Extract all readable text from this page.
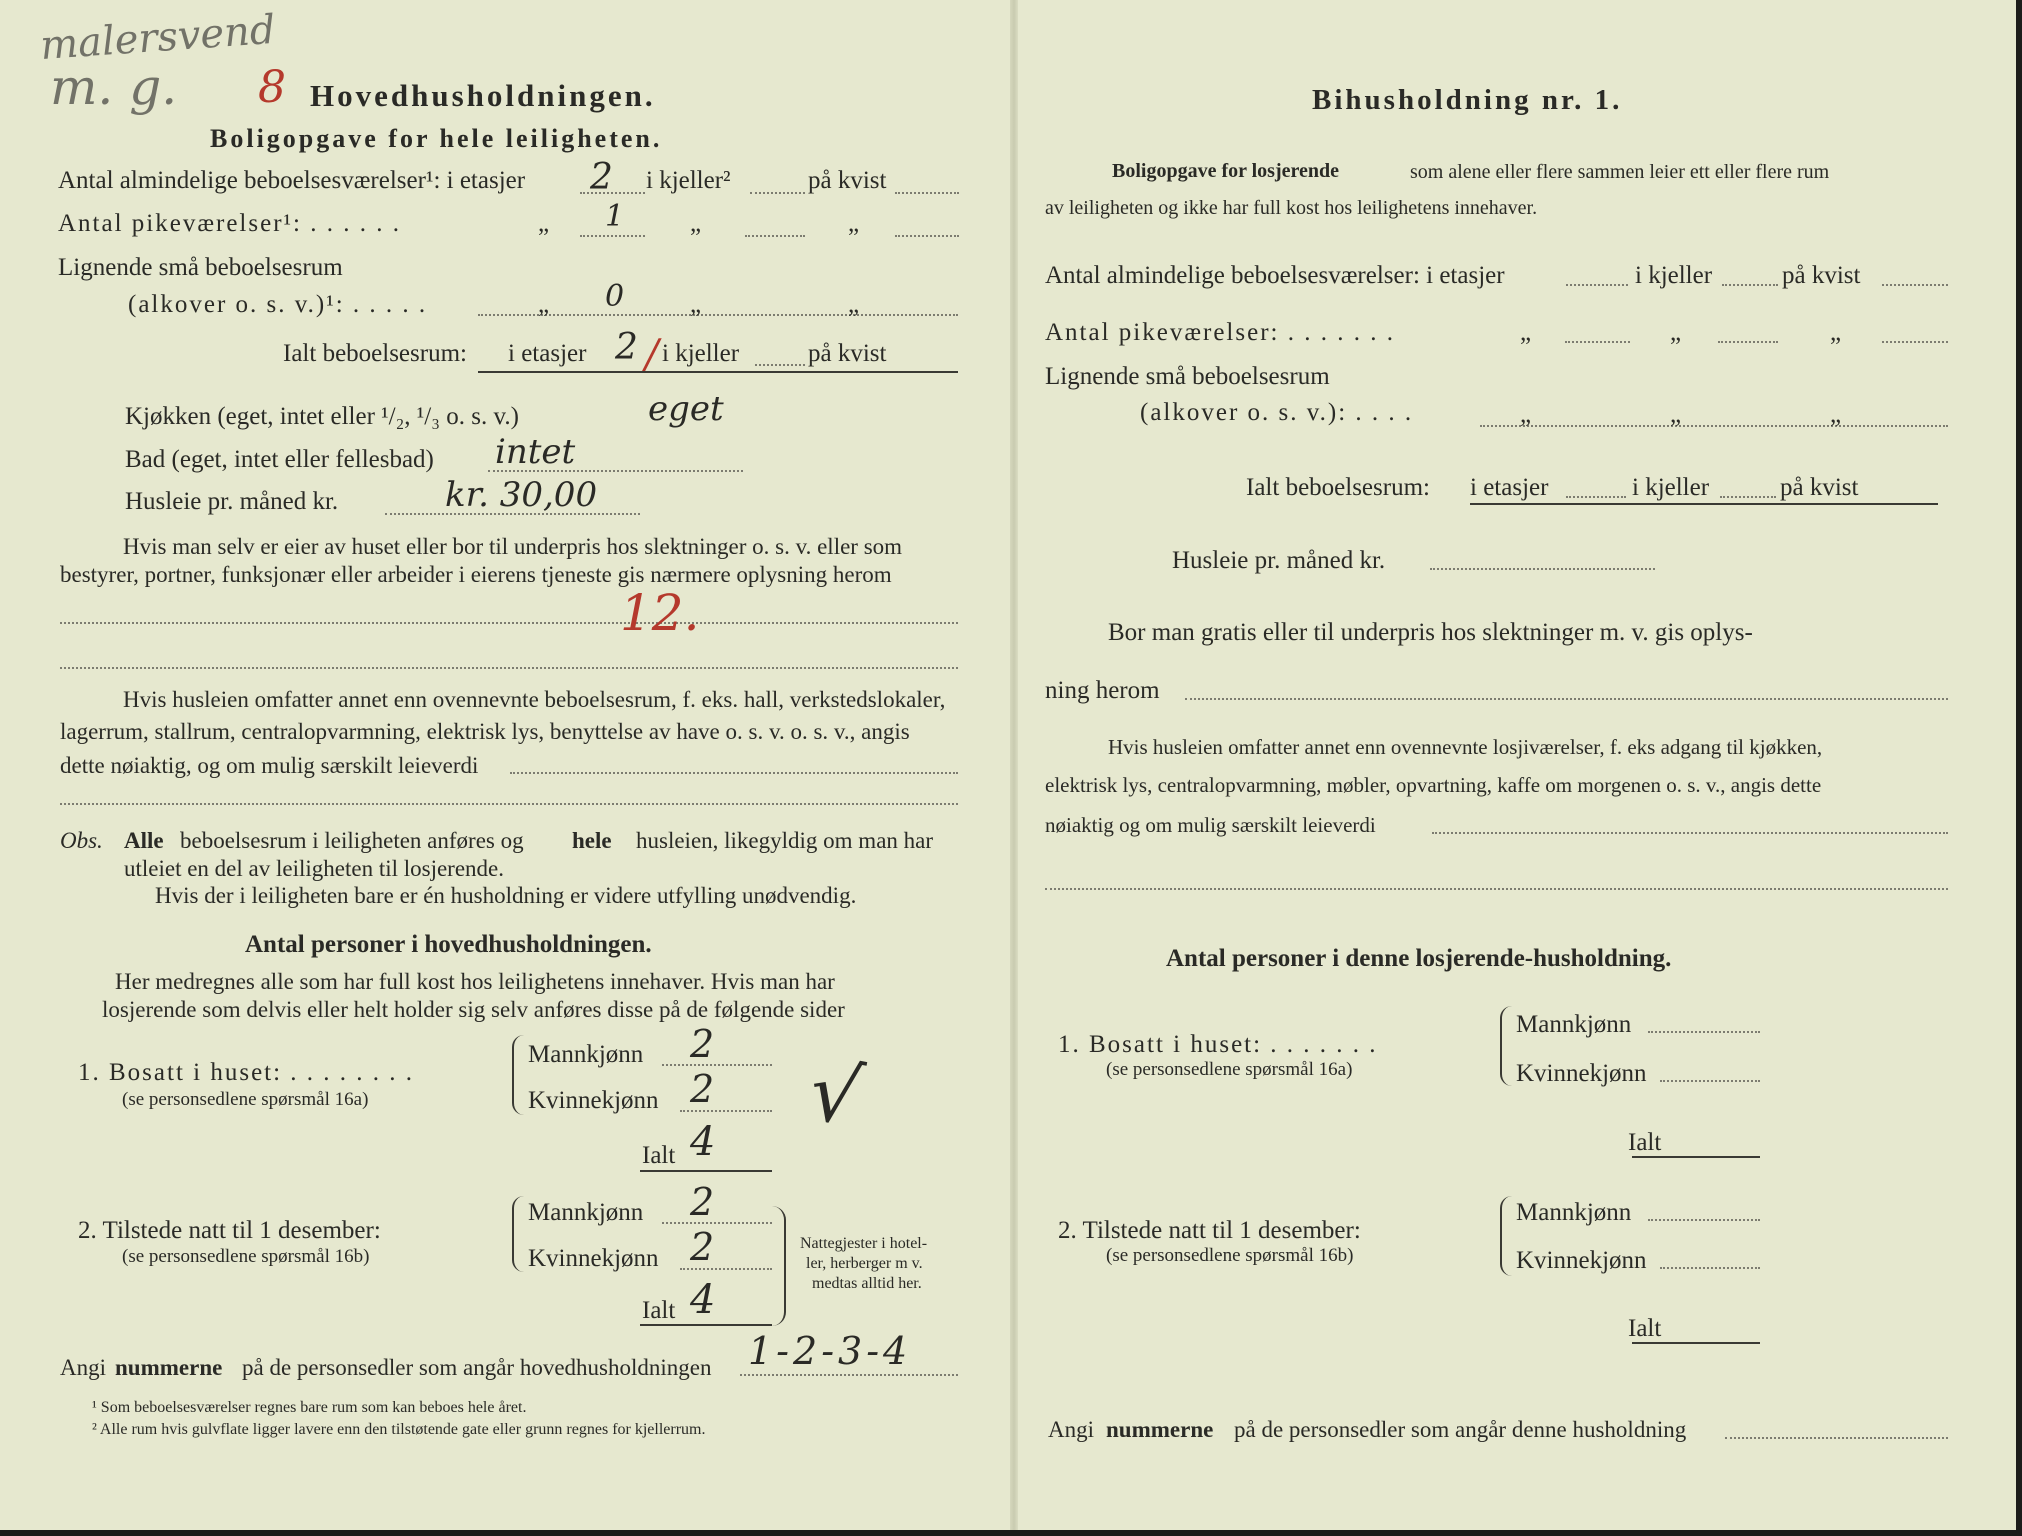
malersvend
m. g. 8 Hovedhusholdningen.
Boligopgave for hele leiligheten.
Antal almindelige beboelsesværelser¹: i etasjer 2 i kjeller²	på kvist
Antal pikeværelser¹: . . . . . .	„ 1	„	„
Lignende små beboelsesrum
(alkover o. s. v.)¹: . . . . .	„ 0	„	„
Ialt beboelsesrum: i etasjer 2 / i kjeller	på kvist
Kjøkken (eget, intet eller ¹/₂, ¹/₃ o. s. v.)	eget
Bad (eget, intet eller fellesbad) intet
Husleie pr. måned kr.	kr. 30,00
Hvis man selv er eier av huset eller bor til underpris hos slektninger o. s. v. eller som
bestyrer, portner, funksjonær eller arbeider i eierens tjeneste gis nærmere oplysning herom
12.
Hvis husleien omfatter annet enn ovennevnte beboelsesrum, f. eks. hall, verkstedslokaler,
lagerrum, stallrum, centralopvarmning, elektrisk lys, benyttelse av have o. s. v. o. s. v., angis
dette nøiaktig, og om mulig særskilt leieverdi
Obs. Alle beboelsesrum i leiligheten anføres og hele husleien, likegyldig om man har
utleiet en del av leiligheten til losjerende.
Hvis der i leiligheten bare er én husholdning er videre utfylling unødvendig.
Antal personer i hovedhusholdningen.
Her medregnes alle som har full kost hos leilighetens innehaver. Hvis man har
losjerende som delvis eller helt holder sig selv anføres disse på de følgende sider
1. Bosatt i huset: . . . . . . . .
(se personsedlene spørsmål 16a)
Mannkjønn 2
Kvinnekjønn 2
Ialt 4 √
2. Tilstede natt til 1 desember:
(se personsedlene spørsmål 16b)
Mannkjønn 2
Kvinnekjønn 2
Ialt 4
Nattegjester i hotel-
ler, herberger m v.
medtas alltid her.
Angi nummerne på de personsedler som angår hovedhusholdningen 1-2-3-4
¹ Som beboelsesværelser regnes bare rum som kan beboes hele året.
² Alle rum hvis gulvflate ligger lavere enn den tilstøtende gate eller grunn regnes for kjellerrum.
Bihusholdning nr. 1.
Boligopgave for losjerende	som alene eller flere sammen leier ett eller flere rum
av leiligheten og ikke har full kost hos leilighetens innehaver.
Antal almindelige beboelsesværelser: i etasjer	i kjeller	på kvist
Antal pikeværelser: . . . . . . .	„	„	„
Lignende små beboelsesrum
(alkover o. s. v.): . . . .	„	„	„
Ialt beboelsesrum: i etasjer	i kjeller	på kvist
Husleie pr. måned kr.
Bor man gratis eller til underpris hos slektninger m. v. gis oplys-
ning herom
Hvis husleien omfatter annet enn ovennevnte losjiværelser, f. eks adgang til kjøkken,
elektrisk lys, centralopvarmning, møbler, opvartning, kaffe om morgenen o. s. v., angis dette
nøiaktig og om mulig særskilt leieverdi
Antal personer i denne losjerende-husholdning.
1. Bosatt i huset: . . . . . . .
(se personsedlene spørsmål 16a)
Mannkjønn
Kvinnekjønn
Ialt
2. Tilstede natt til 1 desember:
(se personsedlene spørsmål 16b)
Mannkjønn
Kvinnekjønn
Ialt
Angi nummerne på de personsedler som angår denne husholdning
